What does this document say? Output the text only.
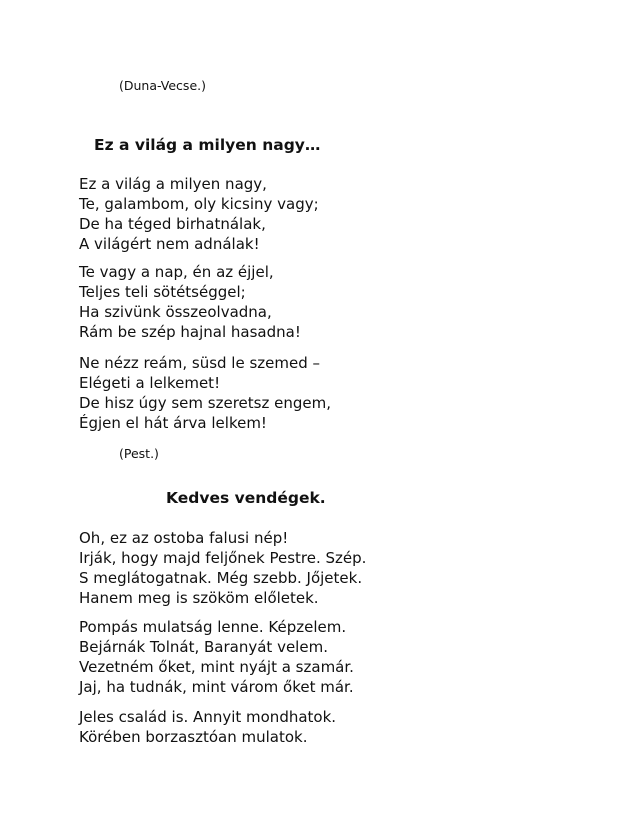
(Duna-Vecse.)
Ez a világ a milyen nagy…
Ez a világ a milyen nagy,
Te, galambom, oly kicsiny vagy;
De ha téged birhatnálak,
A világért nem adnálak!
Te vagy a nap, én az éjjel,
Teljes teli sötétséggel;
Ha szivünk összeolvadna,
Rám be szép hajnal hasadna!
Ne nézz reám, süsd le szemed –
Elégeti a lelkemet!
De hisz úgy sem szeretsz engem,
Égjen el hát árva lelkem!
(Pest.)
Kedves vendégek.
Oh, ez az ostoba falusi nép!
Irják, hogy majd feljőnek Pestre. Szép.
S meglátogatnak. Még szebb. Jőjetek.
Hanem meg is szököm előletek.
Pompás mulatság lenne. Képzelem.
Bejárnák Tolnát, Baranyát velem.
Vezetném őket, mint nyájt a szamár.
Jaj, ha tudnák, mint várom őket már.
Jeles család is. Annyit mondhatok.
Körében borzasztóan mulatok.
